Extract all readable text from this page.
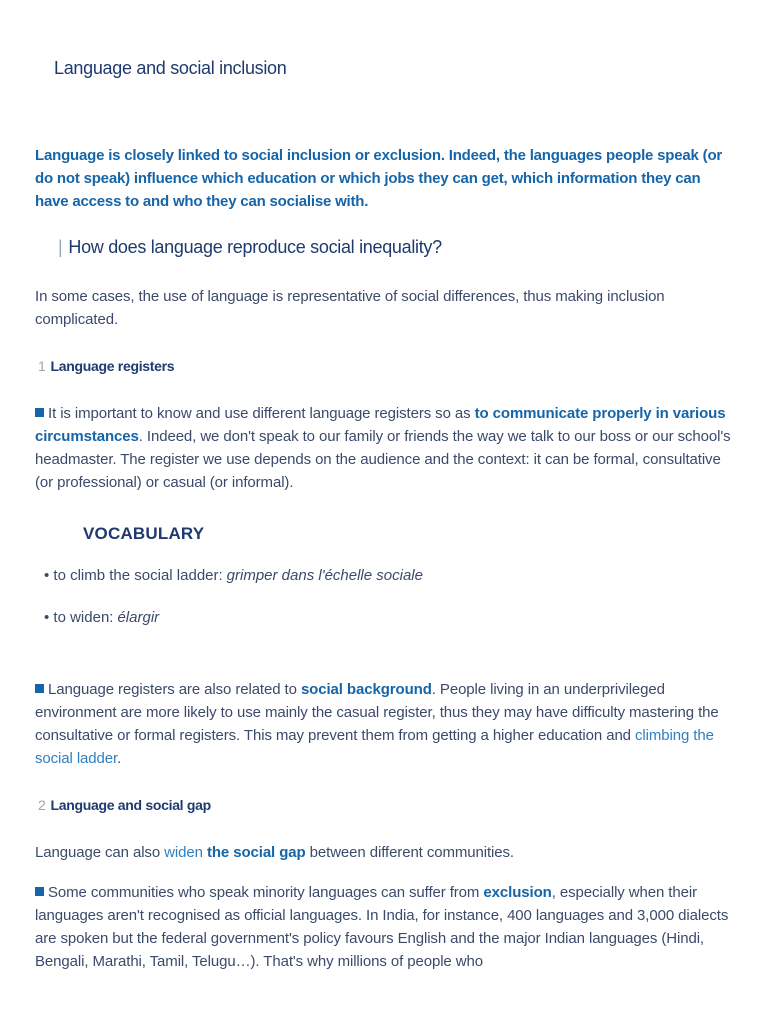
Language and social inclusion
Language is closely linked to social inclusion or exclusion. Indeed, the languages people speak (or do not speak) influence which education or which jobs they can get, which information they can have access to and who they can socialise with.
| How does language reproduce social inequality?
In some cases, the use of language is representative of social differences, thus making inclusion complicated.
1 Language registers
It is important to know and use different language registers so as to communicate properly in various circumstances. Indeed, we don't speak to our family or friends the way we talk to our boss or our school's headmaster. The register we use depends on the audience and the context: it can be formal, consultative (or professional) or casual (or informal).
VOCABULARY
• to climb the social ladder: grimper dans l'échelle sociale
• to widen: élargir
Language registers are also related to social background. People living in an underprivileged environment are more likely to use mainly the casual register, thus they may have difficulty mastering the consultative or formal registers. This may prevent them from getting a higher education and climbing the social ladder.
2 Language and social gap
Language can also widen the social gap between different communities.
Some communities who speak minority languages can suffer from exclusion, especially when their languages aren't recognised as official languages. In India, for instance, 400 languages and 3,000 dialects are spoken but the federal government's policy favours English and the major Indian languages (Hindi, Bengali, Marathi, Tamil, Telugu…). That's why millions of people who
